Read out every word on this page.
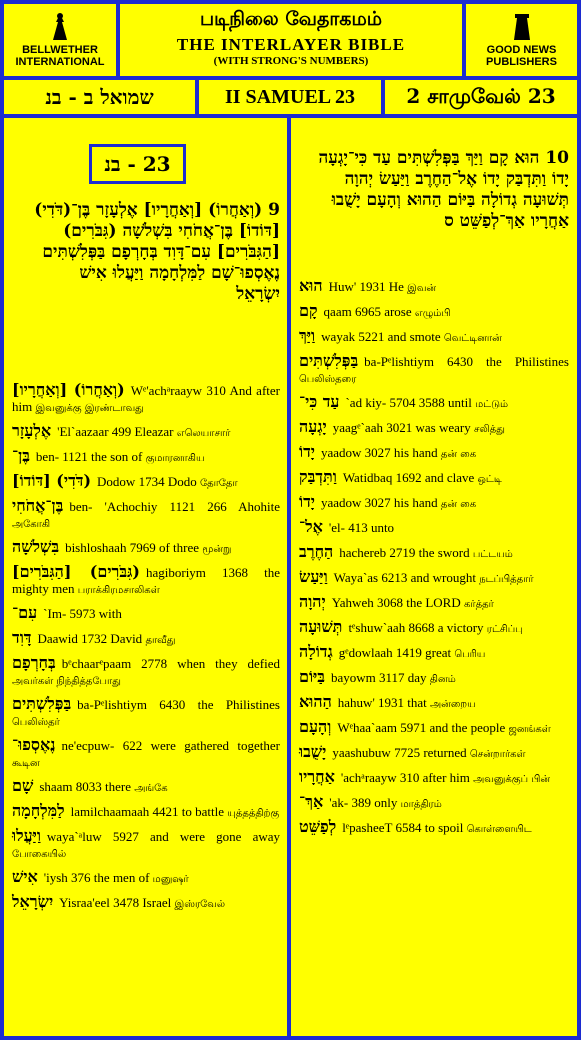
BELLWETHER
INTERNATIONAL
படிநிலை வேதாகமம்
THE INTERLAYER BIBLE
(WITH STRONG'S NUMBERS)
GOOD NEWS
PUBLISHERS
שמואל ב - בנ	II SAMUEL 23	2 சாமுவேல் 23
23 - בנ
9 (וְאַחֲרוֹ) [וְאַחֲרָיו] אֶלְעָזָר בֶּן־(דֹּדִי) [דּוֹדוֹ] בֶּן־אֲחֹחִי בִּשְׁלֹשָׁה (גִּבֹּרִים) [הַגִּבֹּרִים] עִם־דָּוִד בְּחָרְפָם בַּפְּלִשְׁתִּים נֶאֶסְפוּ־שָׁם לַמִּלְחָמָה וַיַּעֲלוּ אִישׁ יִשְׂרָאֵל
[וְאַחֲרָיו] (וְאַחֲרוֹ) Wᵉ'achᵃraayw 310 And after him இவனுக்கு இரண்டாவது
אֶלְעָזָר 'El`aazaar 499 Eleazar எலெயாசார்
בֶּן־ ben- 1121 the son of குமாரனாகிய
[דּוֹדוֹ] (דֹּדִי) Dodow 1734 Dodo தோதோ
בֶּן־אֲחֹחִי ben- 'Achochiy 1121 266 Ahohite அகோகி
בִּשְׁלֹשָׁה bishloshaah 7969 of three மூன்று
[הַגִּבֹּרִים] (גִּבֹּרִים) hagiboriym 1368 the mighty men பராக்கிரமசாலிகள்
עִם־ `Im- 5973 with
דָּוִד Daawid 1732 David தாவீது
בְּחָרְפָם bᵉchaarᵉpaam 2778 when they defied அவர்கள் நிந்தித்தபோது
בַּפְּלִשְׁתִּים ba-Pᵉlishtiym 6430 the Philistines பெலிஸ்தர்
נֶאֶסְפוּ־ ne'ecpuw- 622 were gathered together கூடின
שָׁם shaam 8033 there அங்கே
לַמִּלְחָמָה lamilchaamaah 4421 to battle யுத்தத்திற்கு
וַיַּעֲלוּ waya`ᵃluw 5927 and were gone away போகையில்
אִישׁ 'iysh 376 the men of மனுஷர்
יִשְׂרָאֵל Yisraa'eel 3478 Israel இஸ்ரவேல்
10 הוּא קָם וַיַּךְ בַּפְּלִשְׁתִּים עַד כִּי־יָגְעָה יָדוֹ וַתִּדְבַּק יָדוֹ אֶל־הַחֶרֶב וַיַּעַשׂ יְהוָה תְּשׁוּעָה גְדוֹלָה בַּיּוֹם הַהוּא וְהָעָם יָשֻׁבוּ אַחֲרָיו אַךְ־לְפַשֵּׁט ס
הוּא Huw' 1931 He இவன்
קָם qaam 6965 arose எழும்பி
וַיַּךְ wayak 5221 and smote வெட்டினான்
בַּפְּלִשְׁתִּים ba-Pᵉlishtiym 6430 the Philistines பெலிஸ்தரை
עַד כִּי־ `ad kiy- 5704 3588 until மட்டும்
יָגְעָה yaagᵉ`aah 3021 was weary சலித்து
יָדוֹ yaadow 3027 his hand தன் கை
וַתִּדְבַּק Watidbaq 1692 and clave ஒட்டி
יָדוֹ yaadow 3027 his hand தன் கை
אֶל־ 'el- 413 unto
הַחֶרֶב hachereb 2719 the sword பட்டயம்
וַיַּעַשׂ Waya`as 6213 and wrought நடப்பித்தார்
יְהוָה Yahweh 3068 the LORD கர்த்தர்
תְּשׁוּעָה tᵉshuw`aah 8668 a victory ரட்சிப்பு
גְדוֹלָה gᵉdowlaah 1419 great பெரிய
בַּיּוֹם bayowm 3117 day தினம்
הַהוּא hahuw' 1931 that அன்றைய
וְהָעָם Wᵉhaa`aam 5971 and the people ஜனங்கள்
יָשֻׁבוּ yaashubuw 7725 returned சென்றார்கள்
אַחֲרָיו 'achᵃraayw 310 after him அவனுக்குப் பின்
אַךְ־ 'ak- 389 only மாத்திரம்
לְפַשֵּׁט lᵉpasheeT 6584 to spoil கொள்ளையிட
